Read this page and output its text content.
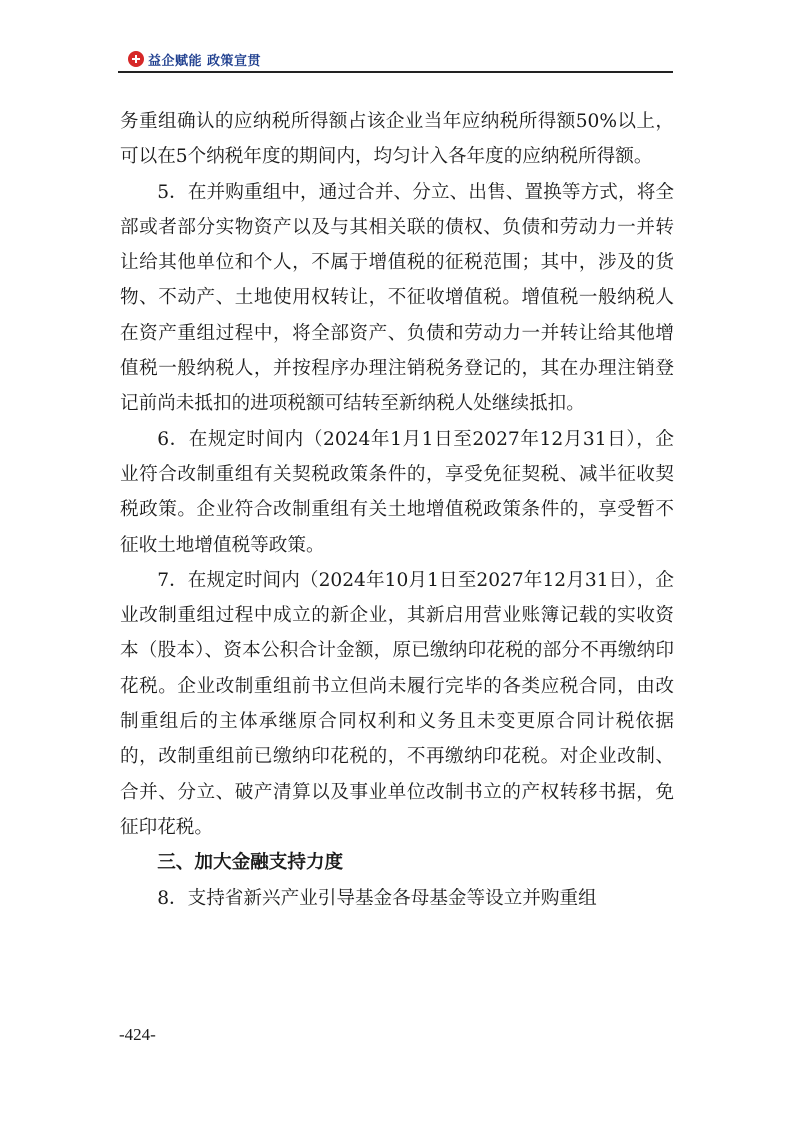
益企赋能 政策宣贯

务重组确认的应纳税所得额占该企业当年应纳税所得额50%以上，可以在5个纳税年度的期间内，均匀计入各年度的应纳税所得额。

5．在并购重组中，通过合并、分立、出售、置换等方式，将全部或者部分实物资产以及与其相关联的债权、负债和劳动力一并转让给其他单位和个人，不属于增值税的征税范围；其中，涉及的货物、不动产、土地使用权转让，不征收增值税。增值税一般纳税人在资产重组过程中，将全部资产、负债和劳动力一并转让给其他增值税一般纳税人，并按程序办理注销税务登记的，其在办理注销登记前尚未抵扣的进项税额可结转至新纳税人处继续抵扣。

6．在规定时间内（2024年1月1日至2027年12月31日），企业符合改制重组有关契税政策条件的，享受免征契税、减半征收契税政策。企业符合改制重组有关土地增值税政策条件的，享受暂不征收土地增值税等政策。

7．在规定时间内（2024年10月1日至2027年12月31日），企业改制重组过程中成立的新企业，其新启用营业账簿记载的实收资本（股本）、资本公积合计金额，原已缴纳印花税的部分不再缴纳印花税。企业改制重组前书立但尚未履行完毕的各类应税合同，由改制重组后的主体承继原合同权利和义务且未变更原合同计税依据的，改制重组前已缴纳印花税的，不再缴纳印花税。对企业改制、合并、分立、破产清算以及事业单位改制书立的产权转移书据，免征印花税。

三、加大金融支持力度

8．支持省新兴产业引导基金各母基金等设立并购重组

-424-
